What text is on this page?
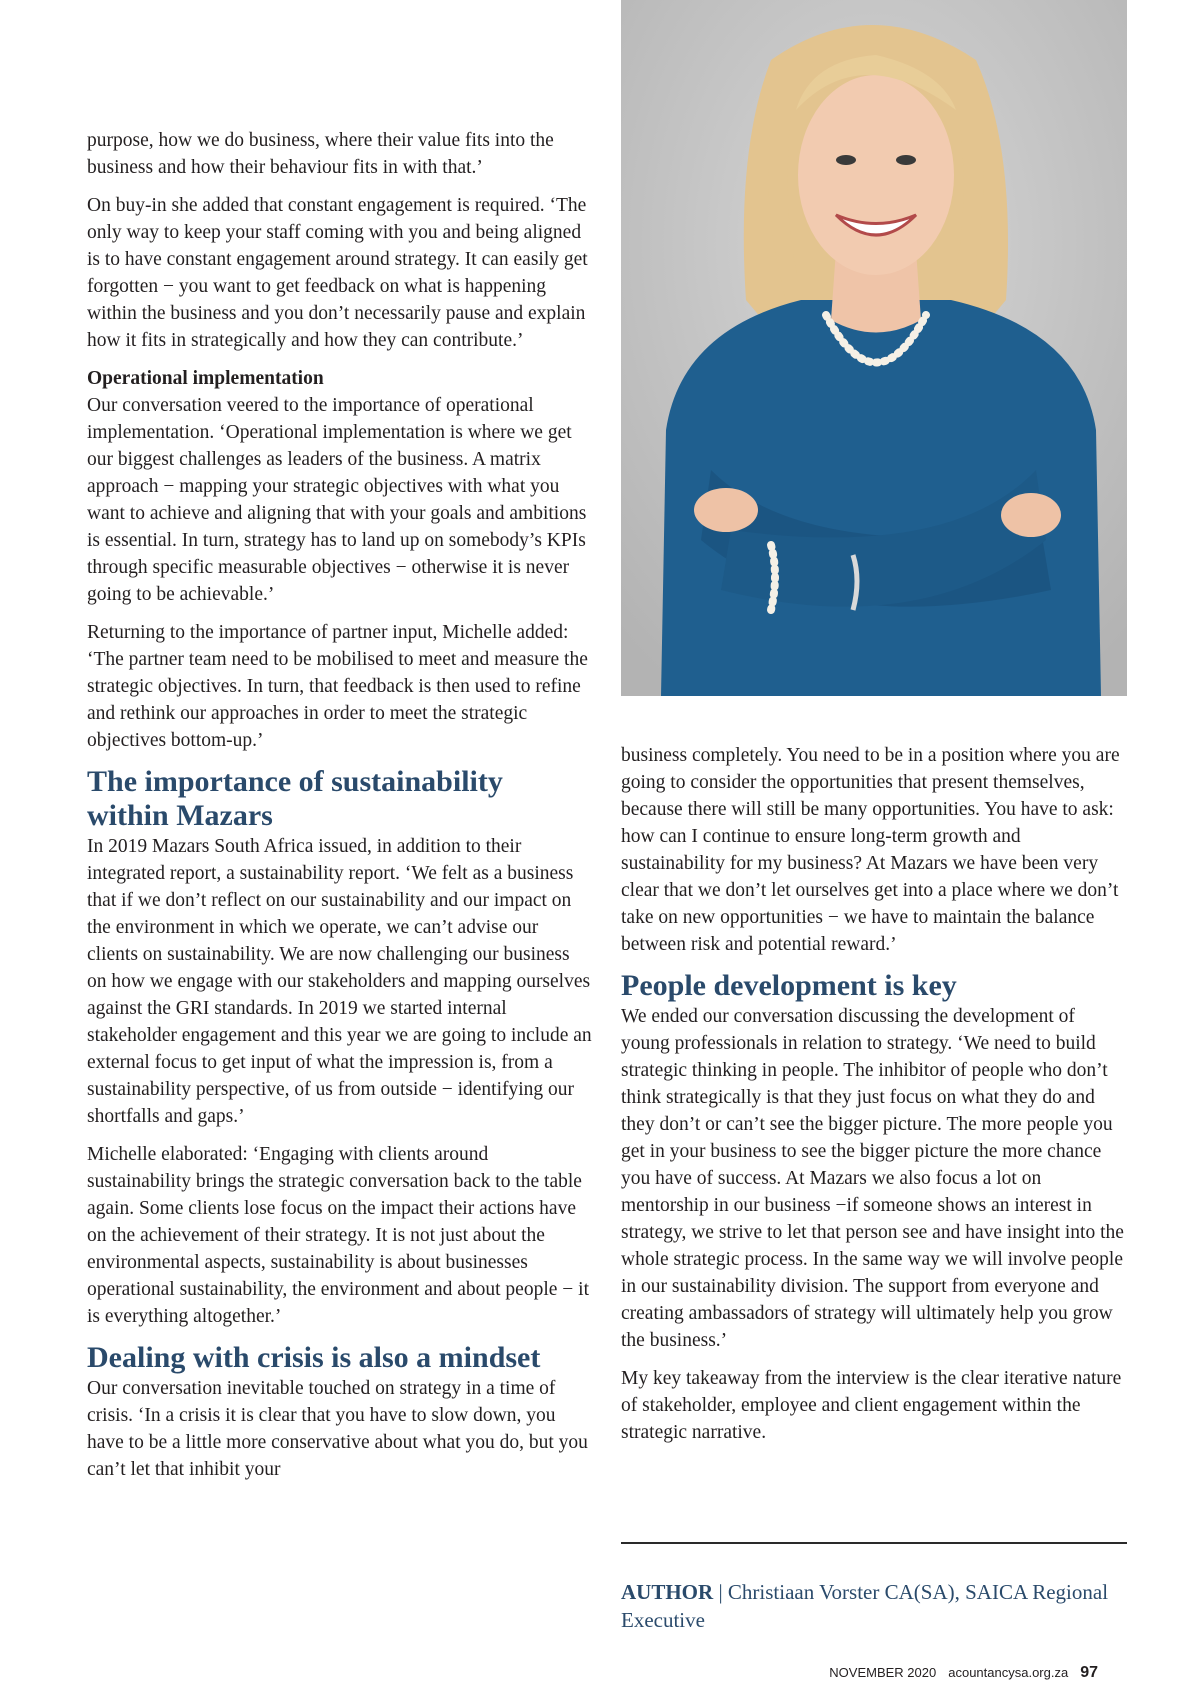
purpose, how we do business, where their value fits into the business and how their behaviour fits in with that.’

On buy-in she added that constant engagement is required. ‘The only way to keep your staff coming with you and being aligned is to have constant engagement around strategy. It can easily get forgotten − you want to get feedback on what is happening within the business and you don’t necessarily pause and explain how it fits in strategically and how they can contribute.’

Operational implementation

Our conversation veered to the importance of operational implementation. ‘Operational implementation is where we get our biggest challenges as leaders of the business. A matrix approach − mapping your strategic objectives with what you want to achieve and aligning that with your goals and ambitions is essential. In turn, strategy has to land up on somebody’s KPIs through specific measurable objectives − otherwise it is never going to be achievable.’

Returning to the importance of partner input, Michelle added: ‘The partner team need to be mobilised to meet and measure the strategic objectives. In turn, that feedback is then used to refine and rethink our approaches in order to meet the strategic objectives bottom-up.’

The importance of sustainability within Mazars

In 2019 Mazars South Africa issued, in addition to their integrated report, a sustainability report. ‘We felt as a business that if we don’t reflect on our sustainability and our impact on the environment in which we operate, we can’t advise our clients on sustainability. We are now challenging our business on how we engage with our stakeholders and mapping ourselves against the GRI standards. In 2019 we started internal stakeholder engagement and this year we are going to include an external focus to get input of what the impression is, from a sustainability perspective, of us from outside − identifying our shortfalls and gaps.’

Michelle elaborated: ‘Engaging with clients around sustainability brings the strategic conversation back to the table again. Some clients lose focus on the impact their actions have on the achievement of their strategy. It is not just about the environmental aspects, sustainability is about businesses operational sustainability, the environment and about people − it is everything altogether.’

Dealing with crisis is also a mindset

Our conversation inevitable touched on strategy in a time of crisis. ‘In a crisis it is clear that you have to slow down, you have to be a little more conservative about what you do, but you can’t let that inhibit your

business completely. You need to be in a position where you are going to consider the opportunities that present themselves, because there will still be many opportunities. You have to ask: how can I continue to ensure long-term growth and sustainability for my business? At Mazars we have been very clear that we don’t let ourselves get into a place where we don’t take on new opportunities − we have to maintain the balance between risk and potential reward.’

People development is key

We ended our conversation discussing the development of young professionals in relation to strategy. ‘We need to build strategic thinking in people. The inhibitor of people who don’t think strategically is that they just focus on what they do and they don’t or can’t see the bigger picture. The more people you get in your business to see the bigger picture the more chance you have of success. At Mazars we also focus a lot on mentorship in our business −if someone shows an interest in strategy, we strive to let that person see and have insight into the whole strategic process. In the same way we will involve people in our sustainability division. The support from everyone and creating ambassadors of strategy will ultimately help you grow the business.’

My key takeaway from the interview is the clear iterative nature of stakeholder, employee and client engagement within the strategic narrative.

AUTHOR | Christiaan Vorster CA(SA), SAICA Regional Executive
NOVEMBER 2020 acountancysa.org.za 97
